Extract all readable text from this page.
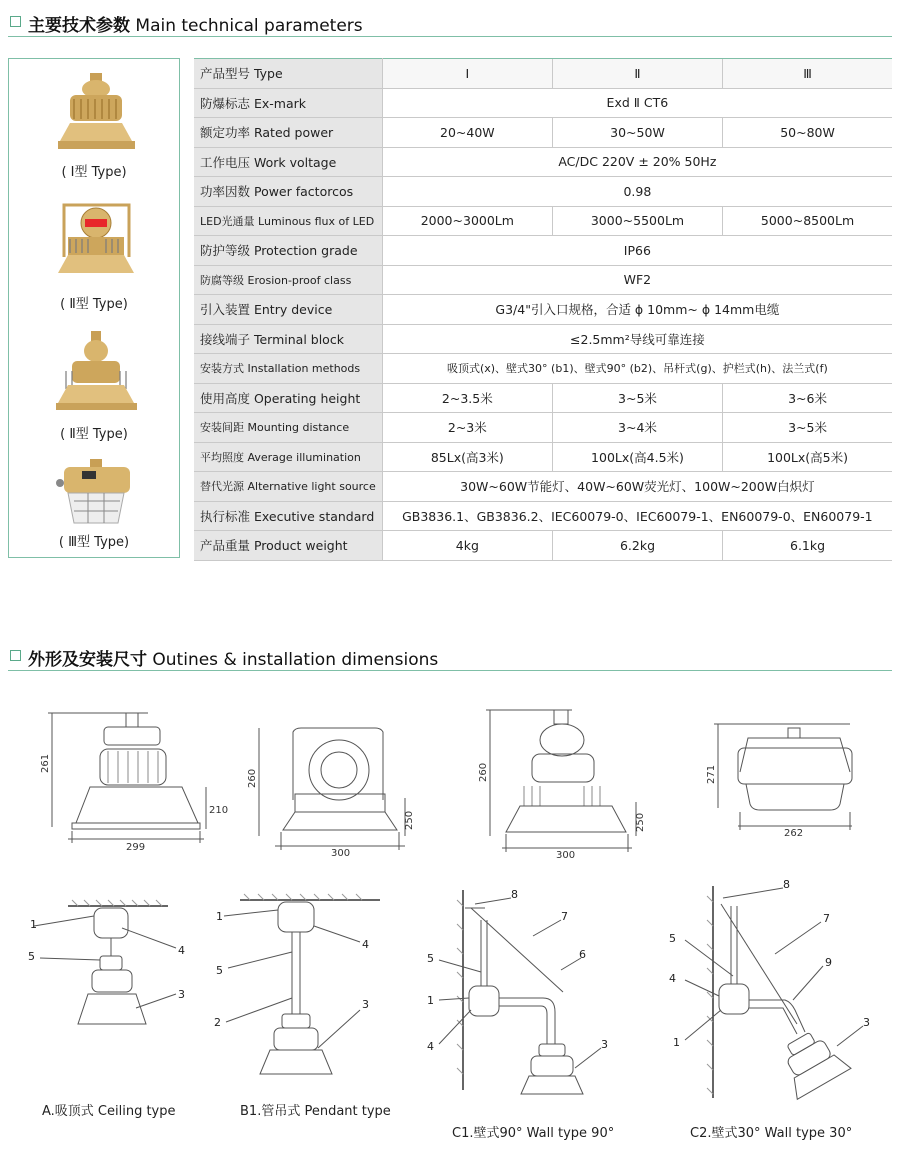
主要技术参数 Main technical parameters
( Ⅰ型 Type)
( Ⅱ型 Type)
( Ⅱ型 Type)
( Ⅲ型 Type)
产品型号 Type	Ⅰ	Ⅱ	Ⅲ
防爆标志 Ex-mark	Exd Ⅱ CT6		
额定功率 Rated power	20~40W	30~50W	50~80W
工作电压 Work voltage	AC/DC 220V ± 20% 50Hz		
功率因数 Power factorcos	0.98		
LED光通量 Luminous flux of LED	2000~3000Lm	3000~5500Lm	5000~8500Lm
防护等级 Protection grade	IP66		
防腐等级 Erosion-proof class	WF2		
引入装置 Entry device	G3/4"引入口规格，合适 ϕ 10mm~ ϕ 14mm电缆		
接线端子 Terminal block	≤2.5mm²导线可靠连接		
安装方式 Installation methods	吸顶式(x)、壁式30° (b1)、壁式90° (b2)、吊杆式(g)、护栏式(h)、法兰式(f)		
使用高度 Operating height	2~3.5米	3~5米	3~6米
安装间距 Mounting distance	2~3米	3~4米	3~5米
平均照度 Average illumination	85Lx(高3米)	100Lx(高4.5米)	100Lx(高5米)
替代光源 Alternative light source	30W~60W节能灯、40W~60W荧光灯、100W~200W白炽灯		
执行标准 Executive standard	GB3836.1、GB3836.2、IEC60079-0、IEC60079-1、EN60079-0、EN60079-1		
产品重量 Product weight	4kg	6.2kg	6.1kg
外形及安装尺寸 Outines & installation dimensions
261
210
299
260
250
300
260
250
300
271
262
1
5	4
3
A.吸顶式 Ceiling type
1
5
4
2
3
B1.管吊式 Pendant type
8
7
6
5
1
4	3
C1.壁式90° Wall type 90°
8
7
5
9
4
1
3
C2.壁式30° Wall type 30°
